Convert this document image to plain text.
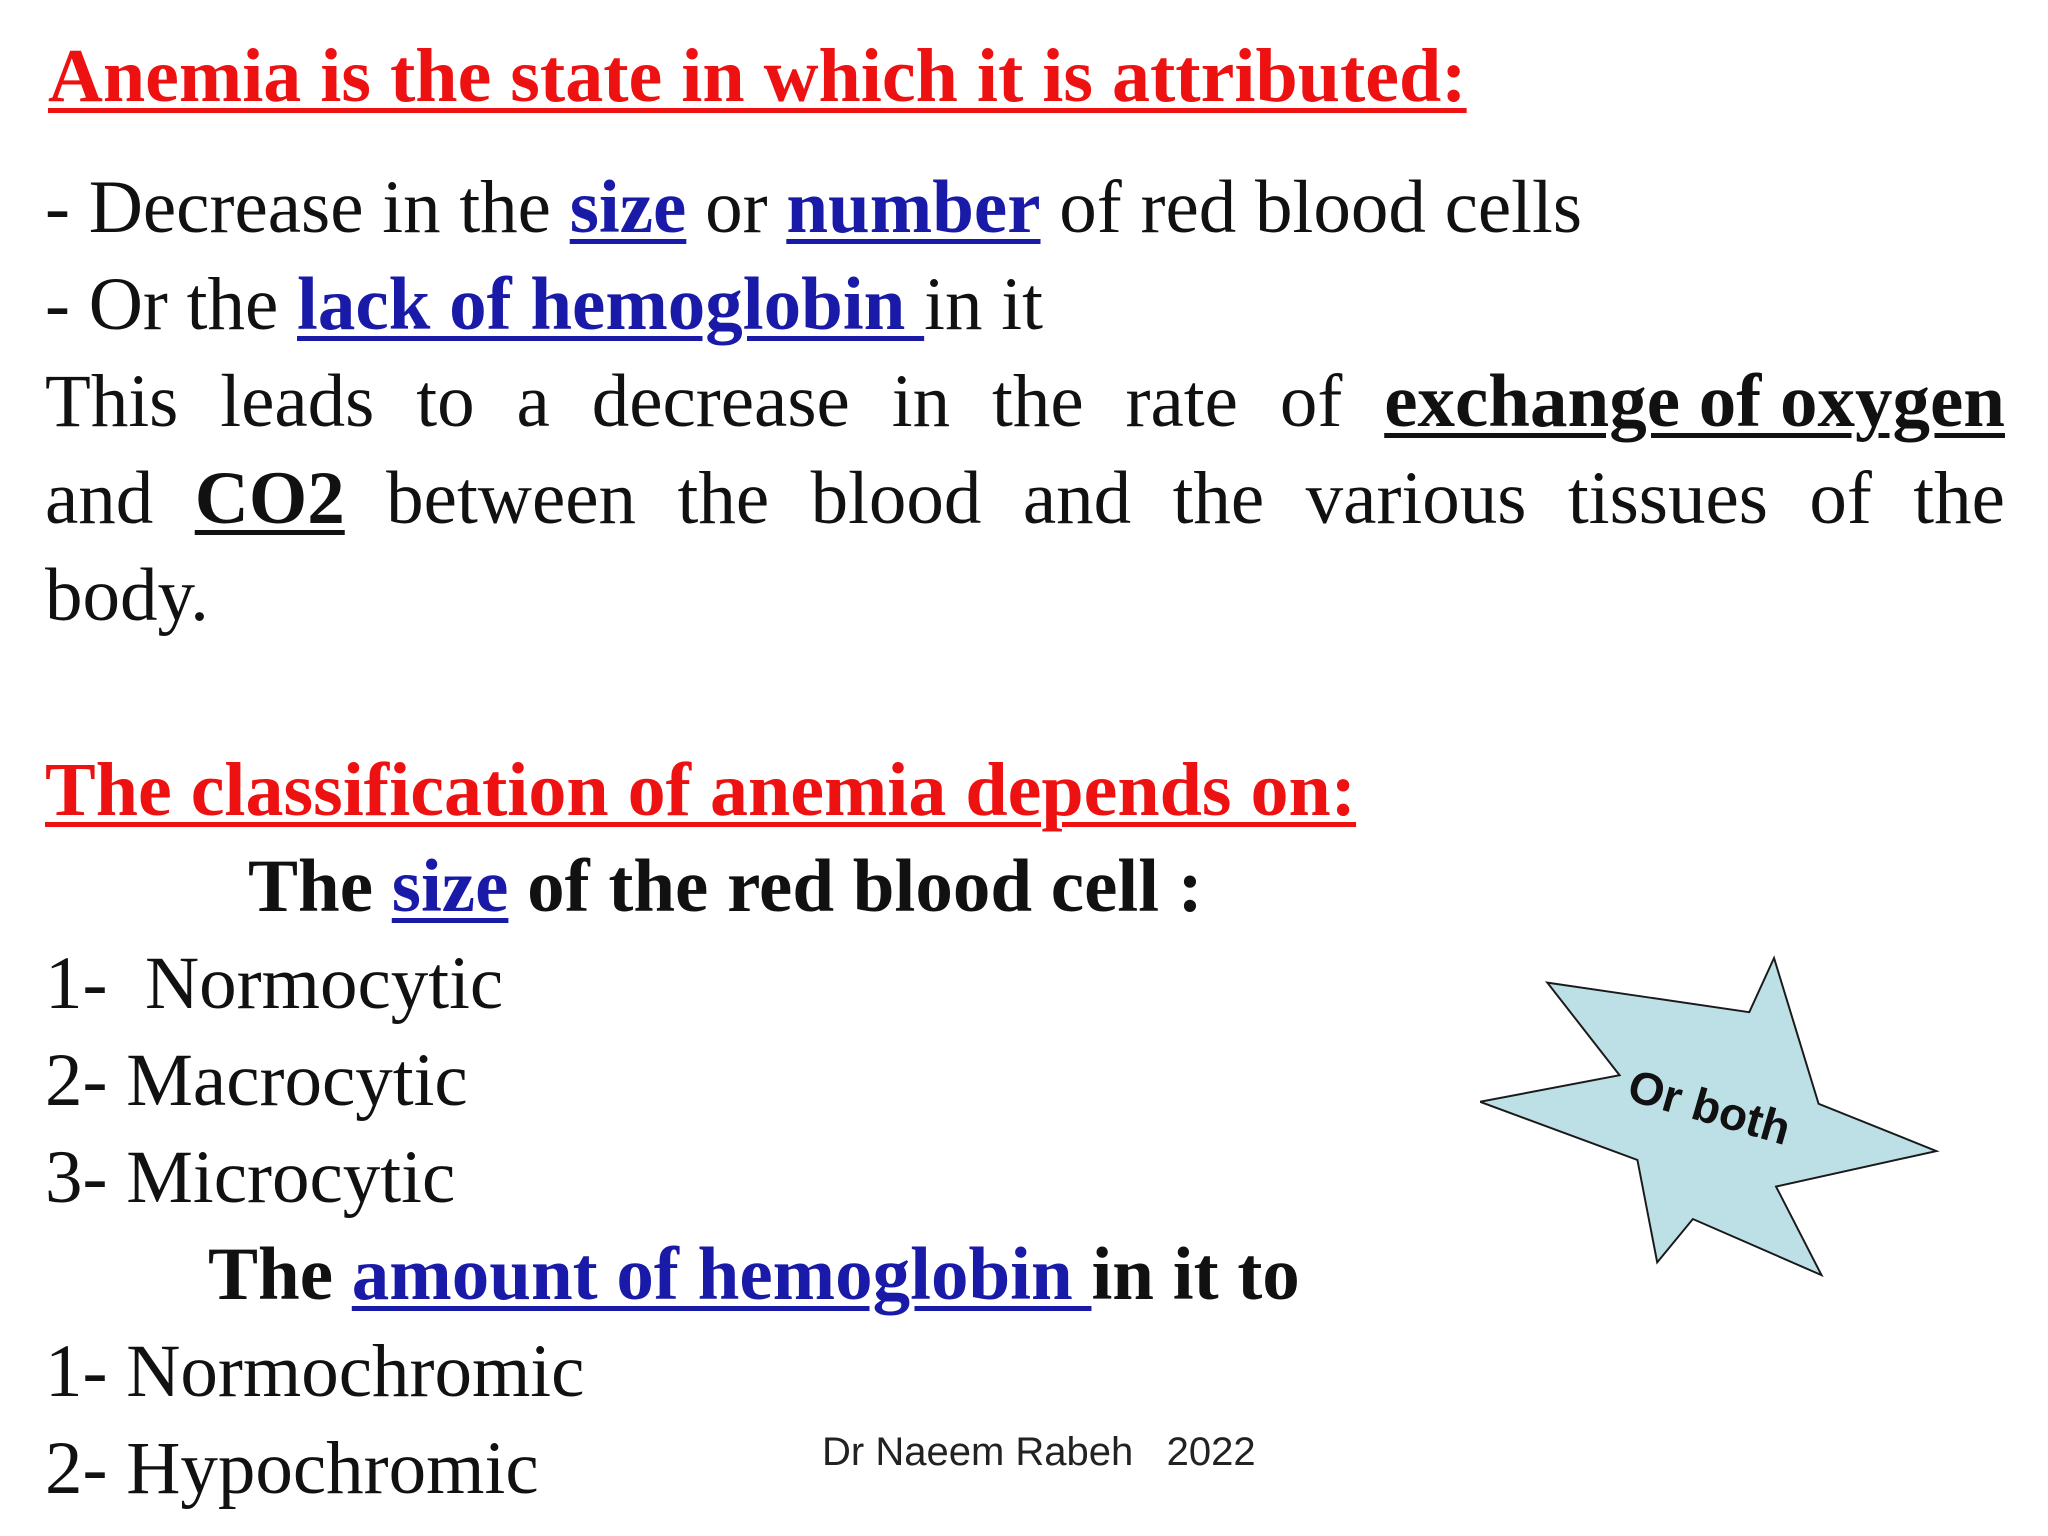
Anemia is the state in which it is attributed:
- Decrease in the size or number of red blood cells
- Or the lack of hemoglobin in it
This leads to a decrease in the rate of exchange of oxygen
and CO2 between the blood and the various tissues of the
body.
The classification of anemia depends on:
The size of the red blood cell :
1-  Normocytic
2- Macrocytic
3- Microcytic
The amount of hemoglobin in it to
1- Normochromic
2- Hypochromic
Or both
Dr Naeem Rabeh   2022
